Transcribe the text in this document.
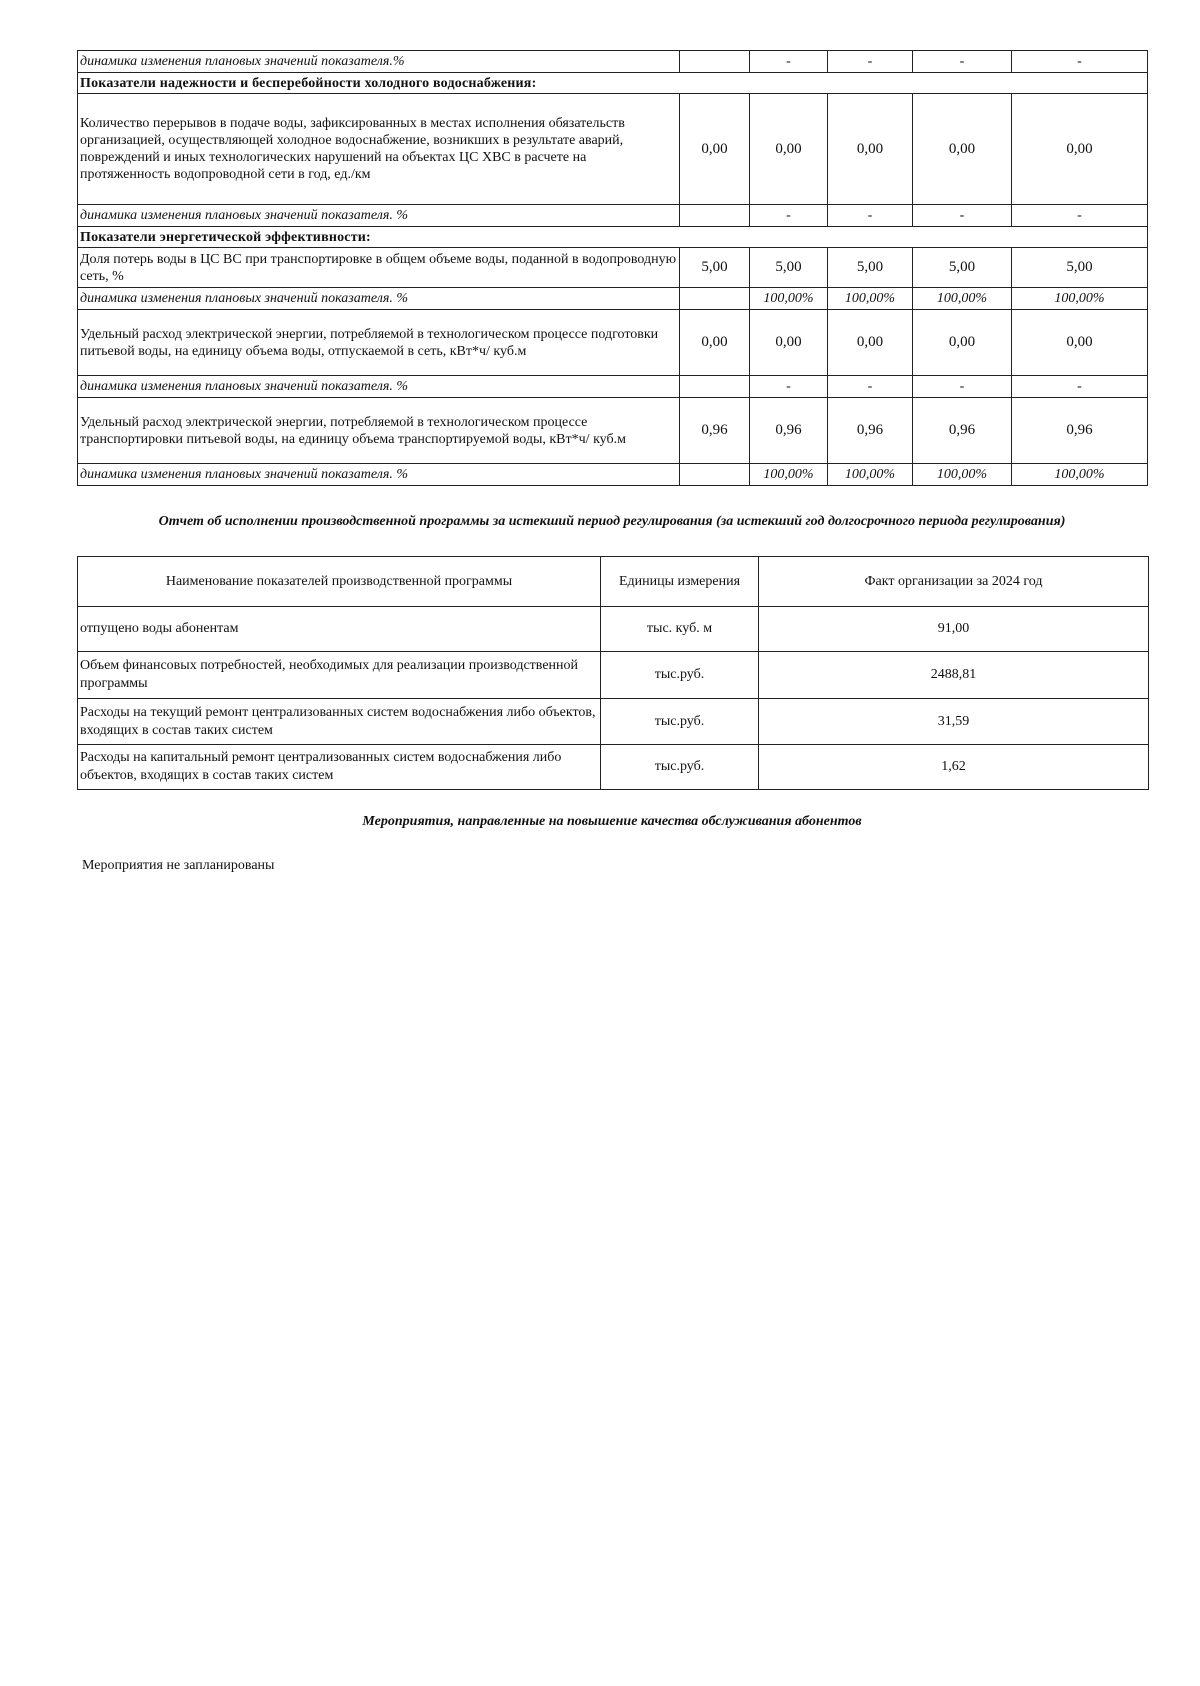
динамика изменения плановых значений показателя.%		-	-	-	-
Показатели надежности и бесперебойности холодного водоснабжения:					
Количество перерывов в подаче воды, зафиксированных в местах исполнения обязательств организацией, осуществляющей холодное водоснабжение, возникших в результате аварий, повреждений и иных технологических нарушений на объектах ЦС ХВС в расчете на протяженность водопроводной сети в год, ед./км	0,00	0,00	0,00	0,00	0,00
динамика изменения плановых значений показателя. %		-	-	-	-
Показатели энергетической эффективности:					
Доля потерь воды в ЦС ВС при транспортировке в общем объеме воды, поданной в водопроводную сеть, %	5,00	5,00	5,00	5,00	5,00
динамика изменения плановых значений показателя. %		100,00%	100,00%	100,00%	100,00%
Удельный расход электрической энергии, потребляемой в технологическом процессе подготовки питьевой воды, на единицу объема воды, отпускаемой в сеть, кВт*ч/ куб.м	0,00	0,00	0,00	0,00	0,00
динамика изменения плановых значений показателя. %		-	-	-	-
Удельный расход электрической энергии, потребляемой в технологическом процессе транспортировки питьевой воды, на единицу объема транспортируемой воды, кВт*ч/ куб.м	0,96	0,96	0,96	0,96	0,96
динамика изменения плановых значений показателя. %		100,00%	100,00%	100,00%	100,00%
Отчет об исполнении производственной программы за истекший период регулирования (за истекший год долгосрочного периода регулирования)
Наименование показателей производственной программы	Единицы измерения	Факт организации за 2024 год
отпущено воды абонентам	тыс. куб. м	91,00
Объем финансовых потребностей, необходимых для реализации производственной программы	тыс.руб.	2488,81
Расходы на текущий ремонт централизованных систем водоснабжения либо объектов, входящих в состав таких систем	тыс.руб.	31,59
Расходы на капитальный ремонт централизованных систем водоснабжения либо объектов, входящих в состав таких систем	тыс.руб.	1,62
Мероприятия, направленные на повышение качества обслуживания абонентов
Мероприятия не запланированы
